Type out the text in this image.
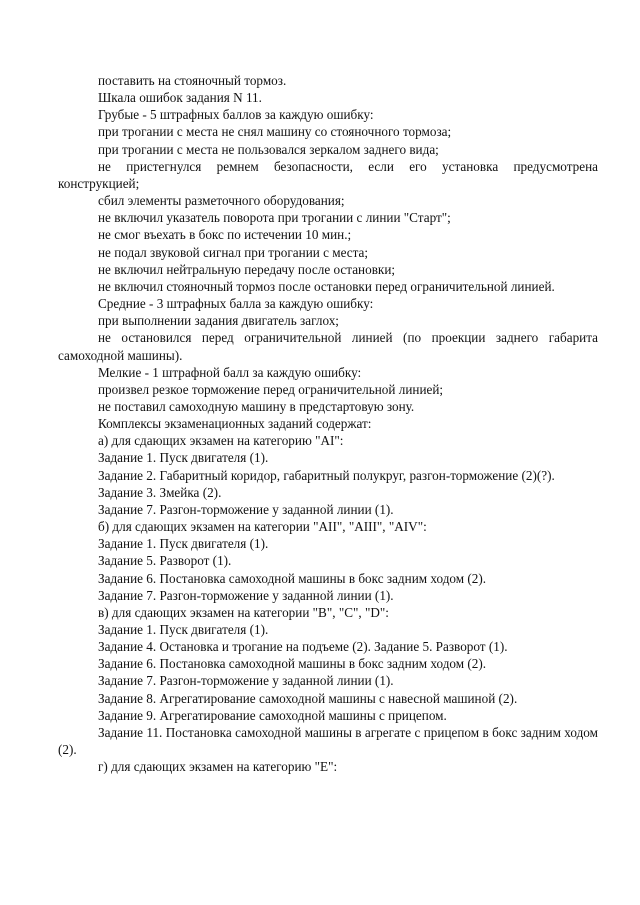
поставить на стояночный тормоз.

Шкала ошибок задания N 11.

Грубые - 5 штрафных баллов за каждую ошибку:

при трогании с места не снял машину со стояночного тормоза;

при трогании с места не пользовался зеркалом заднего вида;

не пристегнулся ремнем безопасности, если его установка предусмотрена конструкцией;

сбил элементы разметочного оборудования;

не включил указатель поворота при трогании с линии "Старт";

не смог въехать в бокс по истечении 10 мин.;

не подал звуковой сигнал при трогании с места;

не включил нейтральную передачу после остановки;

не включил стояночный тормоз после остановки перед ограничительной линией.

Средние - 3 штрафных балла за каждую ошибку:

при выполнении задания двигатель заглох;

не остановился перед ограничительной линией (по проекции заднего габарита самоходной машины).

Мелкие - 1 штрафной балл за каждую ошибку:

произвел резкое торможение перед ограничительной линией;

не поставил самоходную машину в предстартовую зону.

Комплексы экзаменационных заданий содержат:

а) для сдающих экзамен на категорию "AI":

Задание 1. Пуск двигателя (1).

Задание 2. Габаритный коридор, габаритный полукруг, разгон-торможение (2)(?).

Задание 3. Змейка (2).

Задание 7. Разгон-торможение у заданной линии (1).

б) для сдающих экзамен на категории "AII", "AIII", "AIV":

Задание 1. Пуск двигателя (1).

Задание 5. Разворот (1).

Задание 6. Постановка самоходной машины в бокс задним ходом (2).

Задание 7. Разгон-торможение у заданной линии (1).

в) для сдающих экзамен на категории "B", "C", "D":

Задание 1. Пуск двигателя (1).

Задание 4. Остановка и трогание на подъеме (2). Задание 5. Разворот (1).

Задание 6. Постановка самоходной машины в бокс задним ходом (2).

Задание 7. Разгон-торможение у заданной линии (1).

Задание 8. Агрегатирование самоходной машины с навесной машиной (2).

Задание 9. Агрегатирование самоходной машины с прицепом.

Задание 11. Постановка самоходной машины в агрегате с прицепом в бокс задним ходом (2).

г) для сдающих экзамен на категорию "E":
